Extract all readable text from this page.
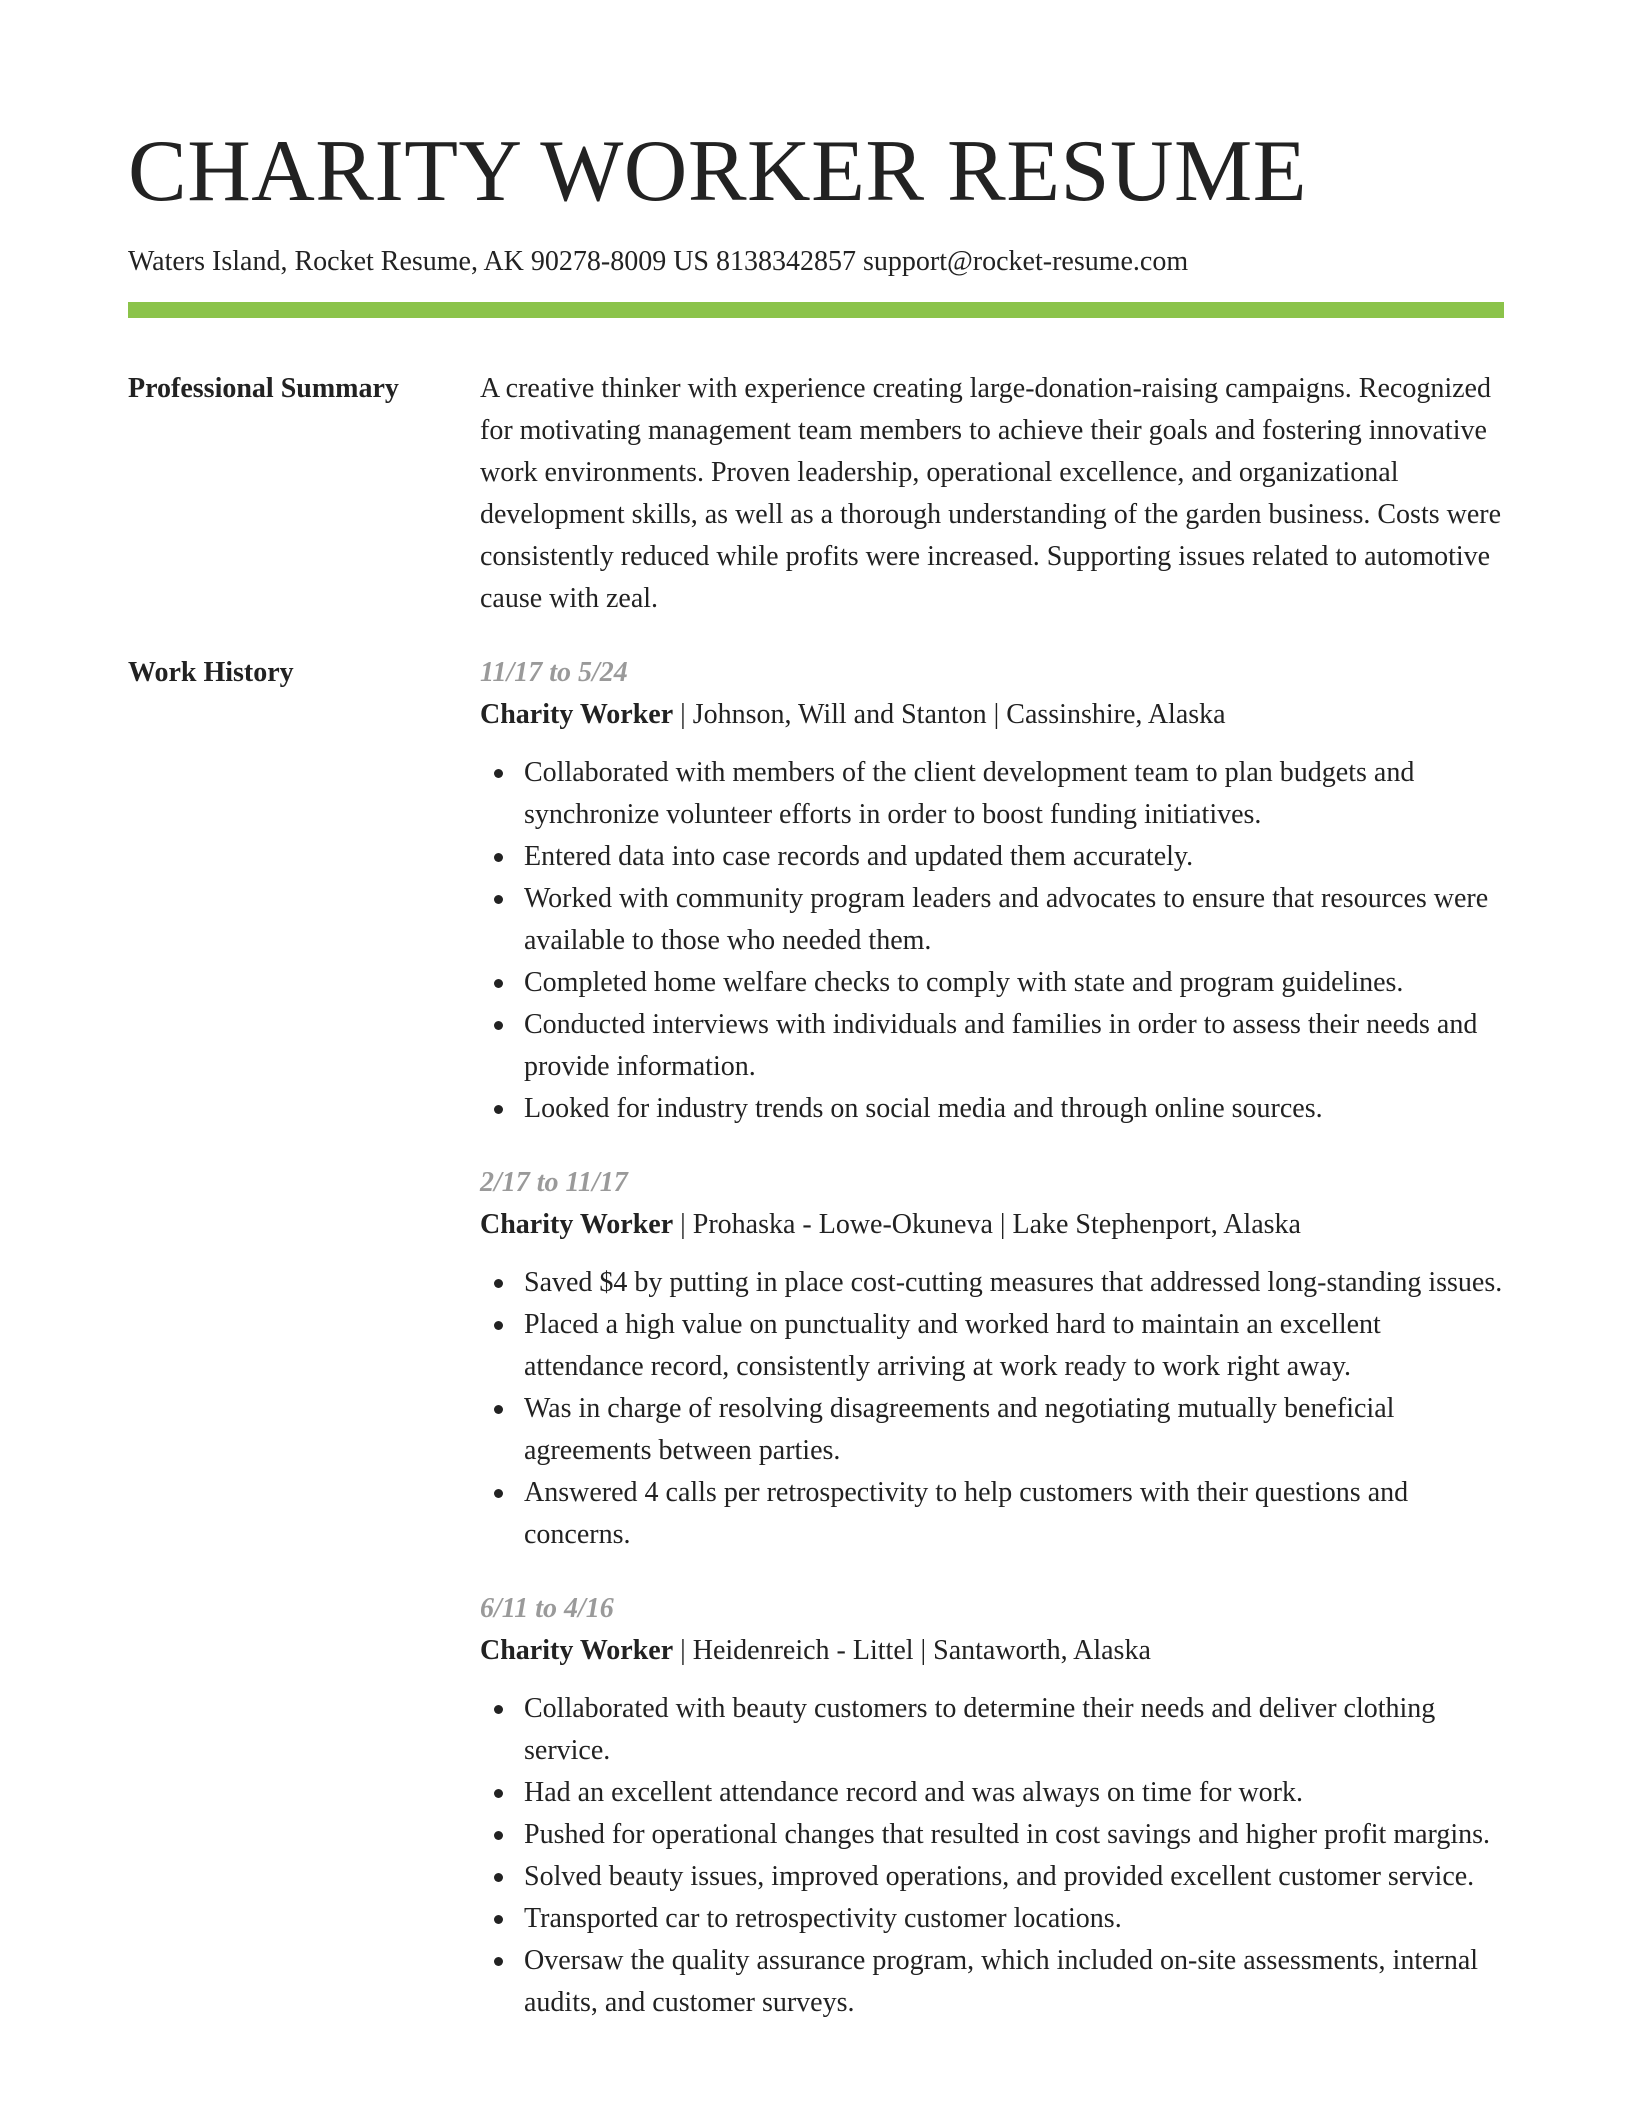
CHARITY WORKER RESUME
Waters Island, Rocket Resume, AK 90278-8009 US 8138342857 support@rocket-resume.com
Professional Summary	A creative thinker with experience creating large-donation-raising campaigns. Recognized for motivating management team members to achieve their goals and fostering innovative work environments. Proven leadership, operational excellence, and organizational development skills, as well as a thorough understanding of the garden business. Costs were consistently reduced while profits were increased. Supporting issues related to automotive cause with zeal.

Work History	11/17 to 5/24
Charity Worker | Johnson, Will and Stanton | Cassinshire, Alaska
Collaborated with members of the client development team to plan budgets and synchronize volunteer efforts in order to boost funding initiatives.
Entered data into case records and updated them accurately.
Worked with community program leaders and advocates to ensure that resources were available to those who needed them.
Completed home welfare checks to comply with state and program guidelines.
Conducted interviews with individuals and families in order to assess their needs and provide information.
Looked for industry trends on social media and through online sources.
2/17 to 11/17
Charity Worker | Prohaska - Lowe-Okuneva | Lake Stephenport, Alaska
Saved $4 by putting in place cost-cutting measures that addressed long-standing issues.
Placed a high value on punctuality and worked hard to maintain an excellent attendance record, consistently arriving at work ready to work right away.
Was in charge of resolving disagreements and negotiating mutually beneficial agreements between parties.
Answered 4 calls per retrospectivity to help customers with their questions and concerns.
6/11 to 4/16
Charity Worker | Heidenreich - Littel | Santaworth, Alaska
Collaborated with beauty customers to determine their needs and deliver clothing service.
Had an excellent attendance record and was always on time for work.
Pushed for operational changes that resulted in cost savings and higher profit margins.
Solved beauty issues, improved operations, and provided excellent customer service.
Transported car to retrospectivity customer locations.
Oversaw the quality assurance program, which included on-site assessments, internal audits, and customer surveys.
